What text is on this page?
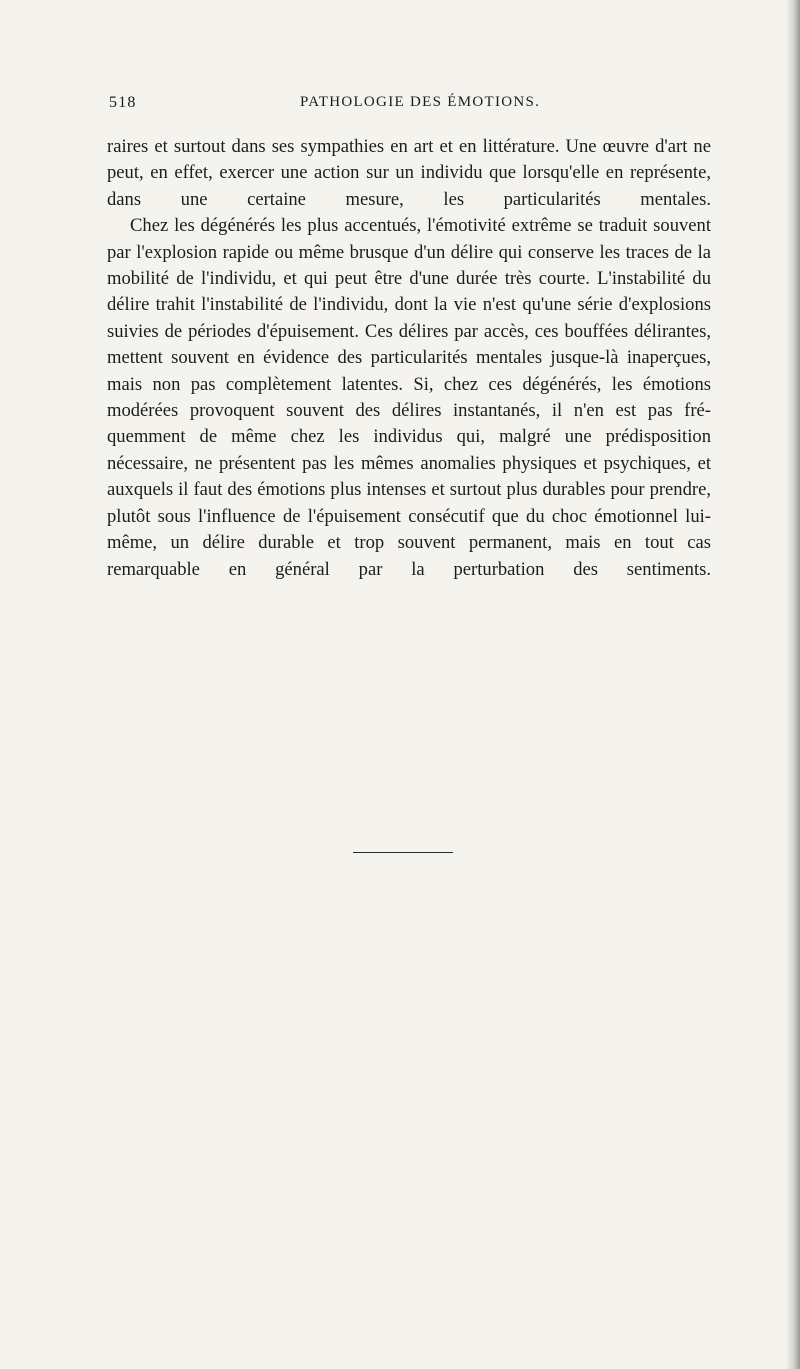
518	PATHOLOGIE DES ÉMOTIONS.

raires et surtout dans ses sympathies en art et en littérature. Une œuvre d'art ne peut, en effet, exercer une action sur un individu que lorsqu'elle en représente, dans une certaine mesure, les particularités mentales.

Chez les dégénérés les plus accentués, l'émotivité extrême se traduit souvent par l'explosion rapide ou même brusque d'un délire qui conserve les traces de la mobilité de l'individu, et qui peut être d'une durée très courte. L'instabilité du délire trahit l'instabilité de l'individu, dont la vie n'est qu'une série d'explosions suivies de périodes d'épuisement. Ces délires par accès, ces bouffées délirantes, mettent souvent en évidence des particularités mentales jusque-là inaperçues, mais non pas complètement latentes. Si, chez ces dégénérés, les émotions modérées provoquent souvent des délires instantanés, il n'en est pas fréquemment de même chez les individus qui, malgré une prédisposition nécessaire, ne présentent pas les mêmes anomalies physiques et psychiques, et auxquels il faut des émotions plus intenses et surtout plus durables pour prendre, plutôt sous l'influence de l'épuisement consécutif que du choc émotionnel lui-même, un délire durable et trop souvent permanent, mais en tout cas remarquable en général par la perturbation des sentiments.
